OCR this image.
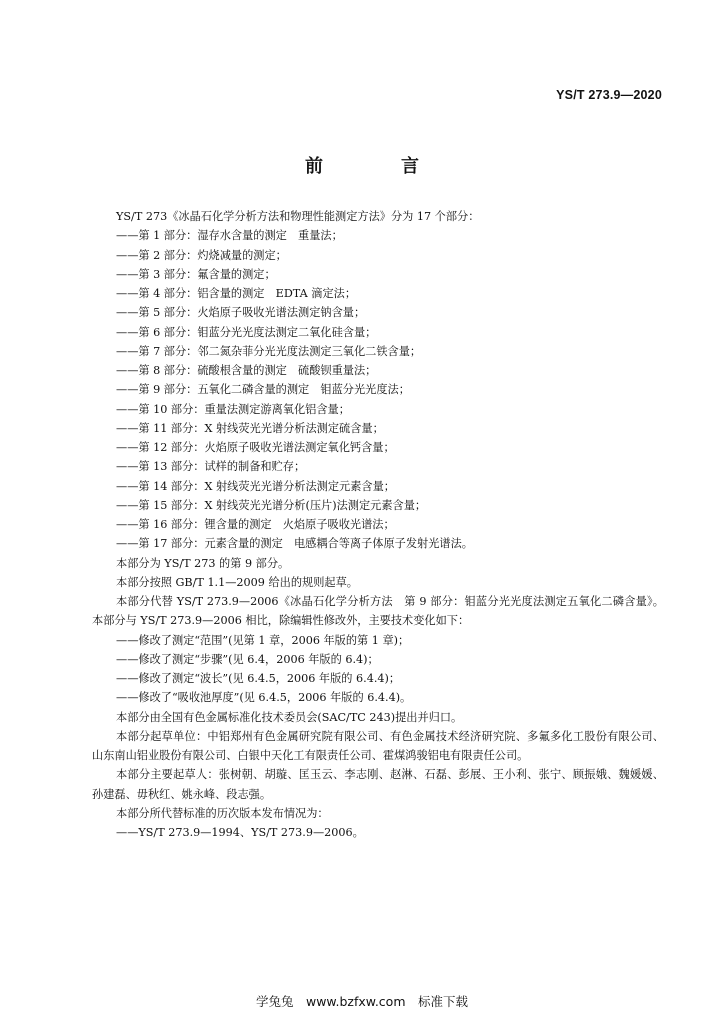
YS/T 273.9—2020
前　言

YS/T 273《冰晶石化学分析方法和物理性能测定方法》分为 17 个部分：

——第 1 部分：湿存水含量的测定　重量法；

——第 2 部分：灼烧减量的测定；

——第 3 部分：氟含量的测定；

——第 4 部分：铝含量的测定　EDTA 滴定法；

——第 5 部分：火焰原子吸收光谱法测定钠含量；

——第 6 部分：钼蓝分光光度法测定二氧化硅含量；

——第 7 部分：邻二氮杂菲分光光度法测定三氧化二铁含量；

——第 8 部分：硫酸根含量的测定　硫酸钡重量法；

——第 9 部分：五氧化二磷含量的测定　钼蓝分光光度法；

——第 10 部分：重量法测定游离氧化铝含量；

——第 11 部分：X 射线荧光光谱分析法测定硫含量；

——第 12 部分：火焰原子吸收光谱法测定氧化钙含量；

——第 13 部分：试样的制备和贮存；

——第 14 部分：X 射线荧光光谱分析法测定元素含量；

——第 15 部分：X 射线荧光光谱分析(压片)法测定元素含量；

——第 16 部分：锂含量的测定　火焰原子吸收光谱法；

——第 17 部分：元素含量的测定　电感耦合等离子体原子发射光谱法。

本部分为 YS/T 273 的第 9 部分。

本部分按照 GB/T 1.1—2009 给出的规则起草。

本部分代替 YS/T 273.9—2006《冰晶石化学分析方法　第 9 部分：钼蓝分光光度法测定五氧化二磷含量》。本部分与 YS/T 273.9—2006 相比，除编辑性修改外，主要技术变化如下：

——修改了测定“范围”(见第 1 章，2006 年版的第 1 章)；

——修改了测定“步骤”(见 6.4，2006 年版的 6.4)；

——修改了测定“波长”(见 6.4.5，2006 年版的 6.4.4)；

——修改了“吸收池厚度”(见 6.4.5，2006 年版的 6.4.4)。

本部分由全国有色金属标准化技术委员会(SAC/TC 243)提出并归口。

本部分起草单位：中铝郑州有色金属研究院有限公司、有色金属技术经济研究院、多氟多化工股份有限公司、山东南山铝业股份有限公司、白银中天化工有限责任公司、霍煤鸿骏铝电有限责任公司。

本部分主要起草人：张树朝、胡璇、匡玉云、李志刚、赵淋、石磊、彭展、王小利、张宁、顾振娥、魏媛媛、孙建磊、毋秋红、姚永峰、段志强。

本部分所代替标准的历次版本发布情况为：

——YS/T 273.9—1994、YS/T 273.9—2006。

学兔兔　www.bzfxw.com　标准下载
